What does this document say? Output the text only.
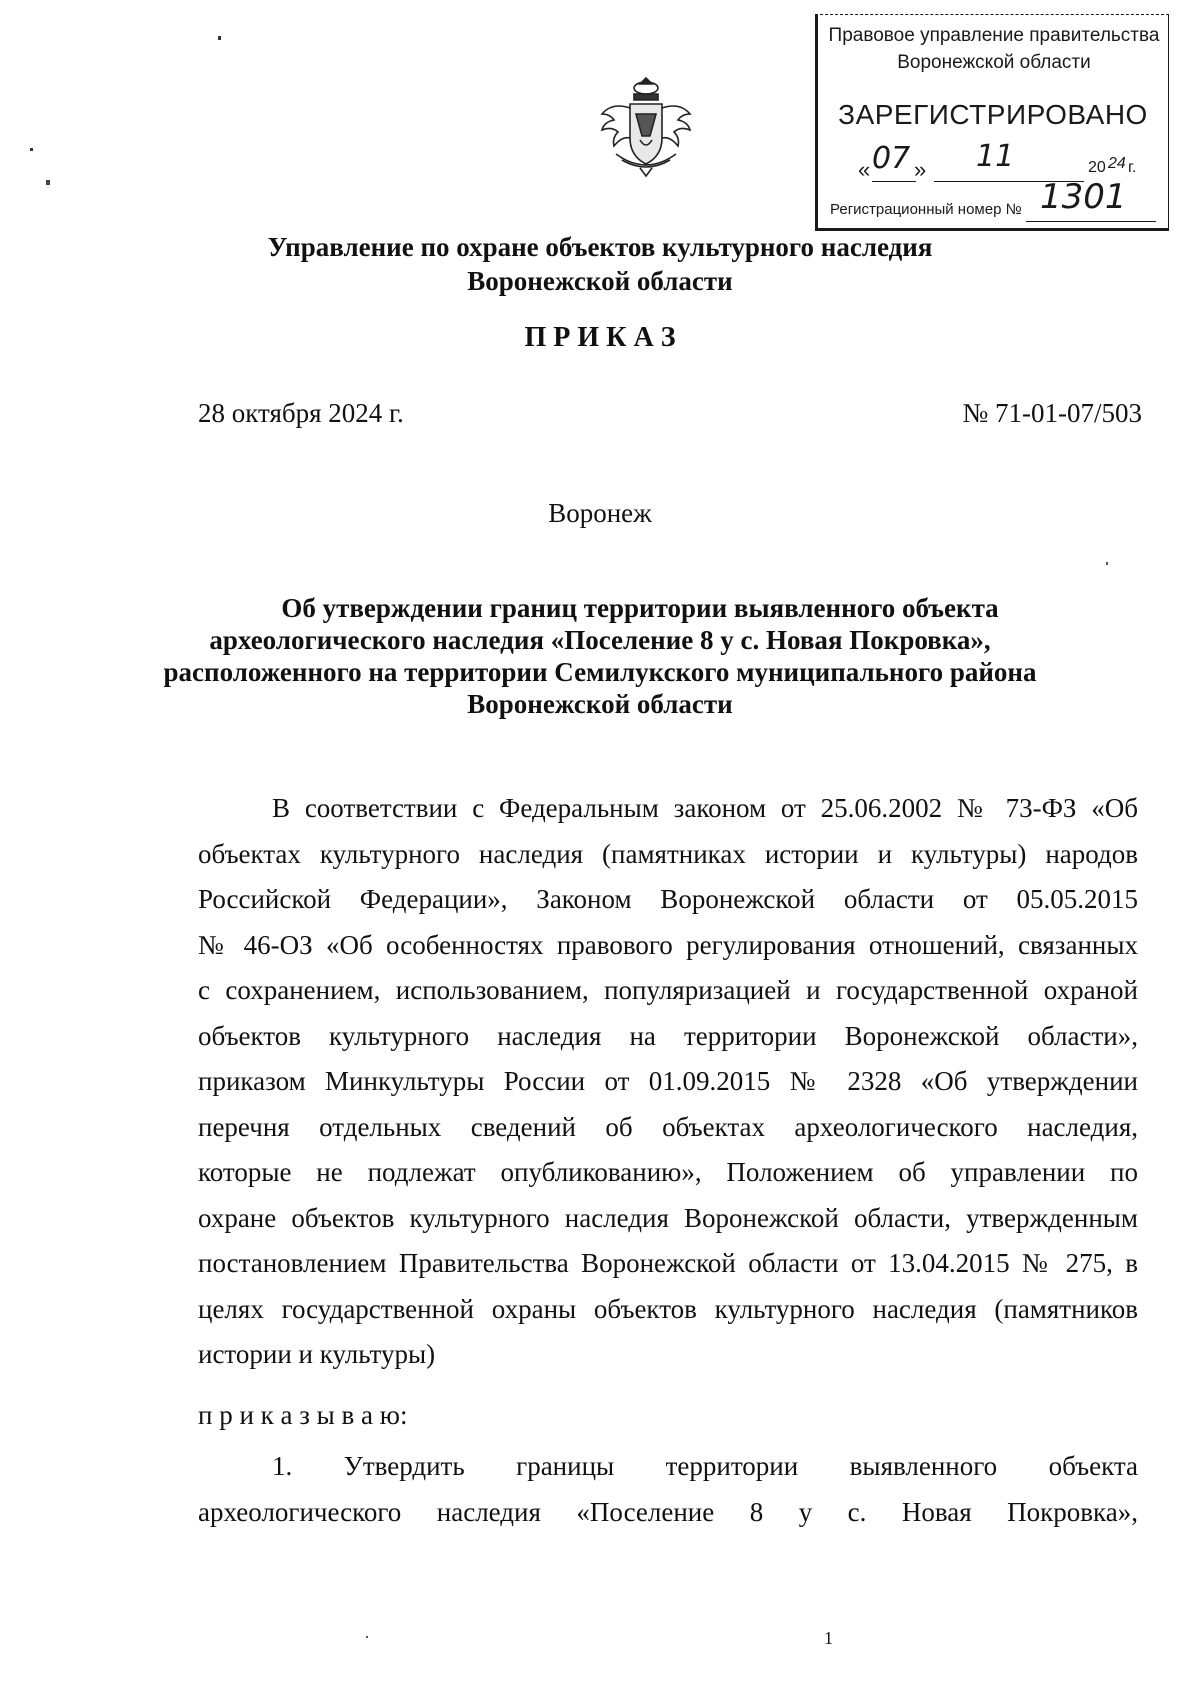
Правовое управление правительства
Воронежской области
ЗАРЕГИСТРИРОВАНО
« 07 » 11	20 24 г.
Регистрационный номер № 1301
Управление по охране объектов культурного наследия
Воронежской области
П Р И К А З
28 октября 2024 г.	№ 71-01-07/503
Воронеж
Об утверждении границ территории выявленного объекта
археологического наследия «Поселение 8 у с. Новая Покровка»,
расположенного на территории Семилукского муниципального района
Воронежской области
В соответствии с Федеральным законом от 25.06.2002 № 73-ФЗ «Об
объектах культурного наследия (памятниках истории и культуры) народов
Российской Федерации», Законом Воронежской области от 05.05.2015
№ 46-ОЗ «Об особенностях правового регулирования отношений, связанных
с сохранением, использованием, популяризацией и государственной охраной
объектов культурного наследия на территории Воронежской области»,
приказом Минкультуры России от 01.09.2015 № 2328 «Об утверждении
перечня отдельных сведений об объектах археологического наследия,
которые не подлежат опубликованию», Положением об управлении по
охране объектов культурного наследия Воронежской области, утвержденным
постановлением Правительства Воронежской области от 13.04.2015 № 275, в
целях государственной охраны объектов культурного наследия (памятников
истории и культуры)
п р и к а з ы в а ю:
1. Утвердить границы территории выявленного объекта
археологического наследия «Поселение 8 у с. Новая Покровка»,
1
